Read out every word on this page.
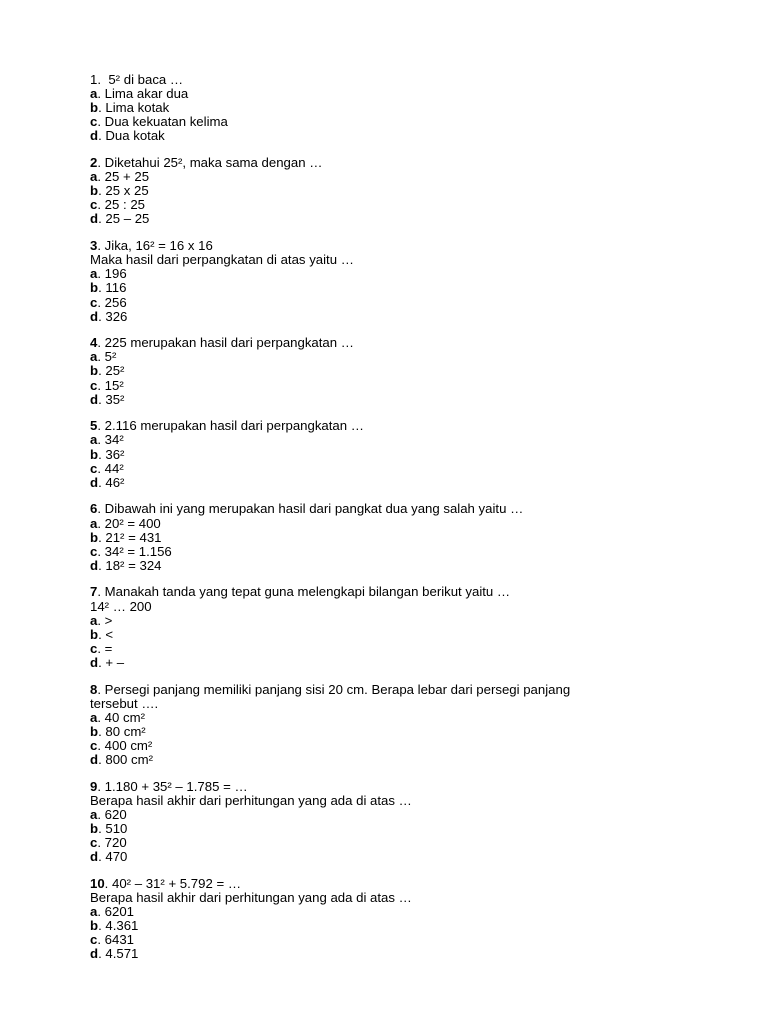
1.  5² di baca …
a. Lima akar dua
b. Lima kotak
c. Dua kekuatan kelima
d. Dua kotak
2. Diketahui 25², maka sama dengan …
a. 25 + 25
b. 25 x 25
c. 25 : 25
d. 25 – 25
3. Jika, 16² = 16 x 16
Maka hasil dari perpangkatan di atas yaitu …
a. 196
b. 116
c. 256
d. 326
4. 225 merupakan hasil dari perpangkatan …
a. 5²
b. 25²
c. 15²
d. 35²
5. 2.116 merupakan hasil dari perpangkatan …
a. 34²
b. 36²
c. 44²
d. 46²
6. Dibawah ini yang merupakan hasil dari pangkat dua yang salah yaitu …
a. 20² = 400
b. 21² = 431
c. 34² = 1.156
d. 18² = 324
7. Manakah tanda yang tepat guna melengkapi bilangan berikut yaitu …
14² … 200
a. >
b. <
c. =
d. + –
8. Persegi panjang memiliki panjang sisi 20 cm. Berapa lebar dari persegi panjang
tersebut ….
a. 40 cm²
b. 80 cm²
c. 400 cm²
d. 800 cm²
9. 1.180 + 35² – 1.785 = …
Berapa hasil akhir dari perhitungan yang ada di atas …
a. 620
b. 510
c. 720
d. 470
10. 40² – 31² + 5.792 = …
Berapa hasil akhir dari perhitungan yang ada di atas …
a. 6201
b. 4.361
c. 6431
d. 4.571
